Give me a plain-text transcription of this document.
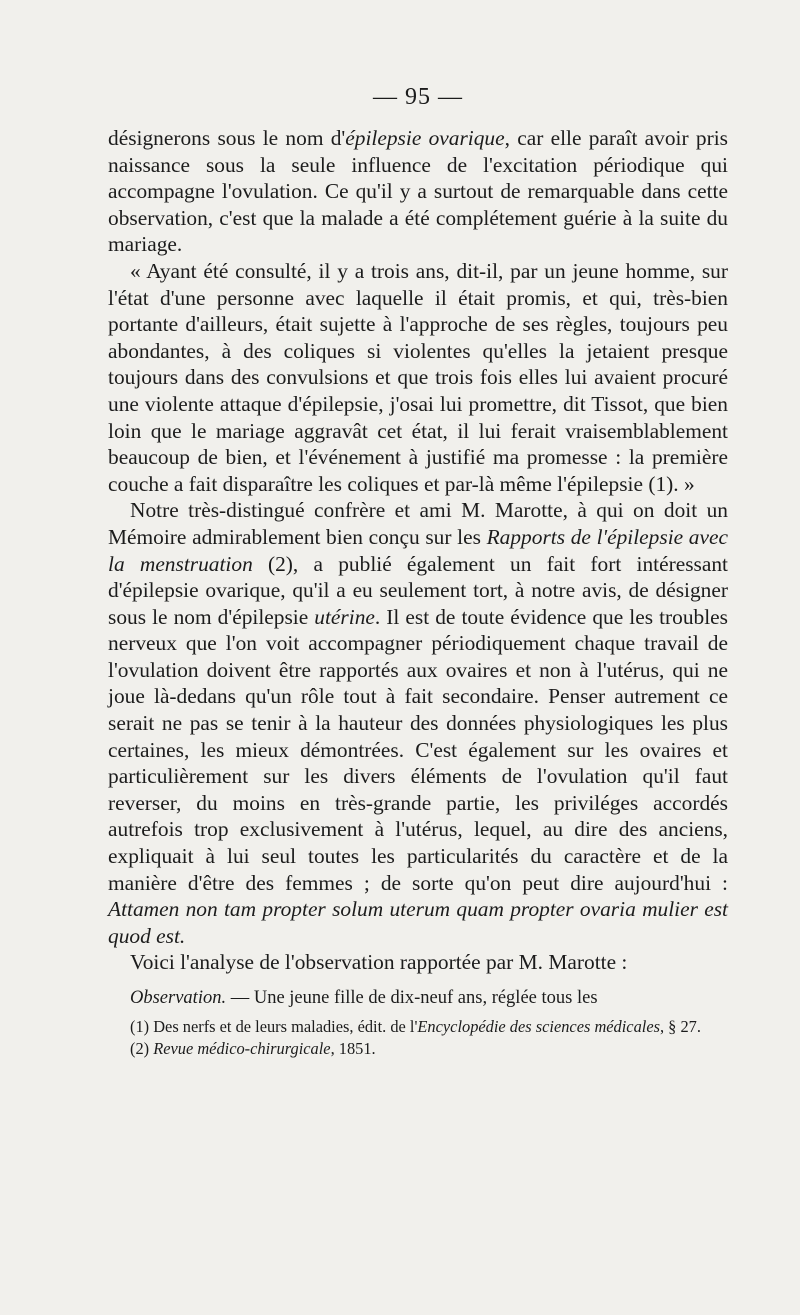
— 95 —

désignerons sous le nom d'épilepsie ovarique, car elle paraît avoir pris naissance sous la seule influence de l'excitation périodique qui accompagne l'ovulation. Ce qu'il y a surtout de remarquable dans cette observation, c'est que la malade a été complétement guérie à la suite du mariage.

« Ayant été consulté, il y a trois ans, dit-il, par un jeune homme, sur l'état d'une personne avec laquelle il était promis, et qui, très-bien portante d'ailleurs, était sujette à l'approche de ses règles, toujours peu abondantes, à des coliques si violentes qu'elles la jetaient presque toujours dans des convulsions et que trois fois elles lui avaient procuré une violente attaque d'épilepsie, j'osai lui promettre, dit Tissot, que bien loin que le mariage aggravât cet état, il lui ferait vraisemblablement beaucoup de bien, et l'événement à justifié ma promesse : la première couche a fait disparaître les coliques et par-là même l'épilepsie (1). »

Notre très-distingué confrère et ami M. Marotte, à qui on doit un Mémoire admirablement bien conçu sur les Rapports de l'épilepsie avec la menstruation (2), a publié également un fait fort intéressant d'épilepsie ovarique, qu'il a eu seulement tort, à notre avis, de désigner sous le nom d'épilepsie utérine. Il est de toute évidence que les troubles nerveux que l'on voit accompagner périodiquement chaque travail de l'ovulation doivent être rapportés aux ovaires et non à l'utérus, qui ne joue là-dedans qu'un rôle tout à fait secondaire. Penser autrement ce serait ne pas se tenir à la hauteur des données physiologiques les plus certaines, les mieux démontrées. C'est également sur les ovaires et particulièrement sur les divers éléments de l'ovulation qu'il faut reverser, du moins en très-grande partie, les priviléges accordés autrefois trop exclusivement à l'utérus, lequel, au dire des anciens, expliquait à lui seul toutes les particularités du caractère et de la manière d'être des femmes ; de sorte qu'on peut dire aujourd'hui : Attamen non tam propter solum uterum quam propter ovaria mulier est quod est.

Voici l'analyse de l'observation rapportée par M. Marotte :

Observation. — Une jeune fille de dix-neuf ans, réglée tous les

(1) Des nerfs et de leurs maladies, édit. de l'Encyclopédie des sciences médicales, § 27.

(2) Revue médico-chirurgicale, 1851.
